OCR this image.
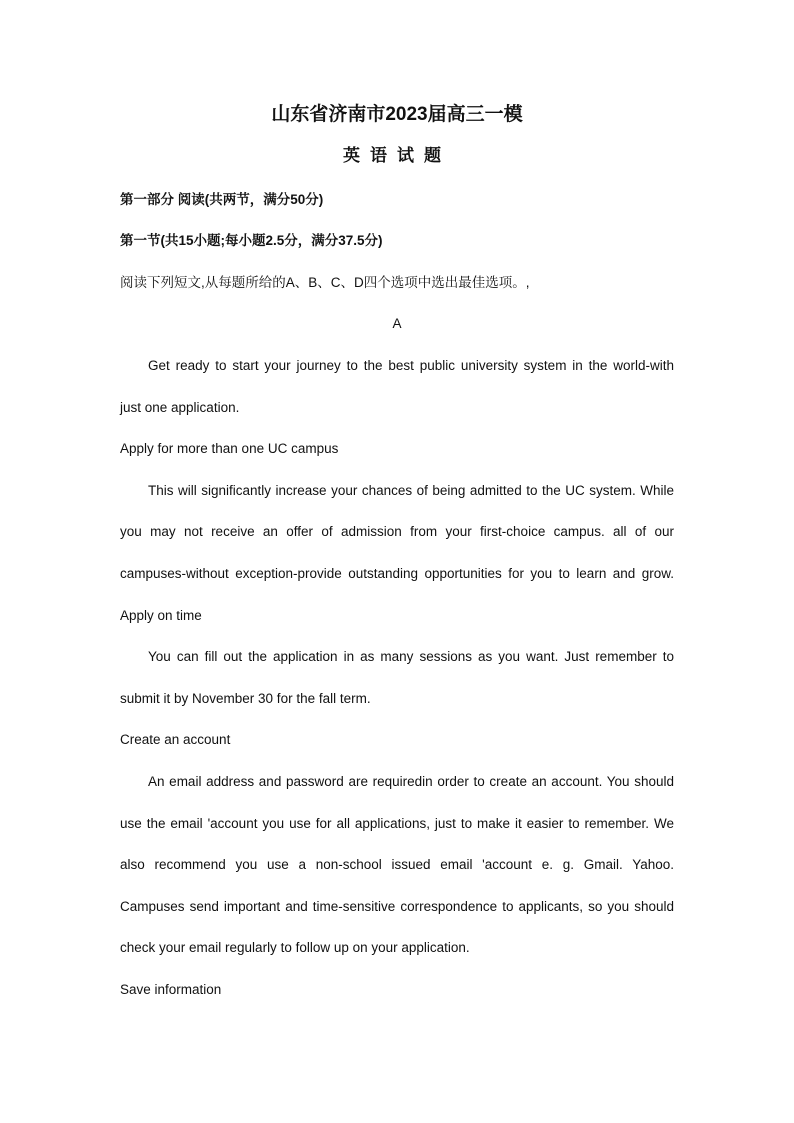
山东省济南市2023届高三一模
英语试题
第一部分 阅读(共两节，满分50分)
第一节(共15小题;每小题2.5分，满分37.5分)
阅读下列短文,从每题所给的A、B、C、D四个选项中选出最佳选项。,
A
Get ready to start your journey to the best public university system in the world-with
just one application.
Apply for more than one UC campus
This will significantly increase your chances of being admitted to the UC system. While
you may not receive an offer of admission from your first-choice campus. all of our
campuses-without exception-provide outstanding opportunities for you to learn and grow.
Apply on time
You can fill out the application in as many sessions as you want. Just remember to
submit it by November 30 for the fall term.
Create an account
An email address and password are requiredin order to create an account. You should
use the email 'account you use for all applications, just to make it easier to remember. We
also recommend you use a non-school issued email 'account e. g. Gmail. Yahoo.
Campuses send important and time-sensitive correspondence to applicants, so you should
check your email regularly to follow up on your application.
Save information
